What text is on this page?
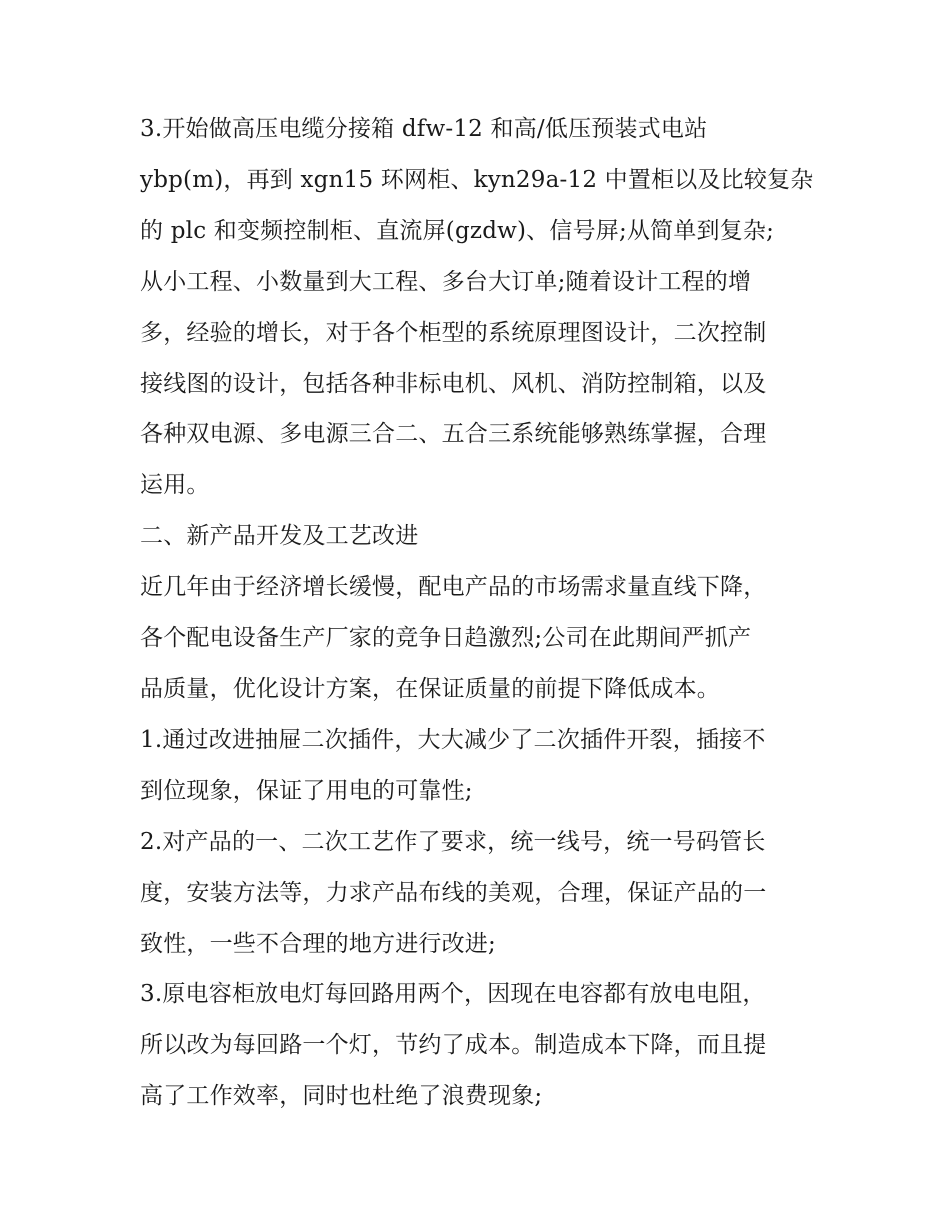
3.开始做高压电缆分接箱 dfw-12 和高/低压预装式电站
ybp(m)，再到 xgn15 环网柜、kyn29a-12 中置柜以及比较复杂
的 plc 和变频控制柜、直流屏(gzdw)、信号屏;从简单到复杂;
从小工程、小数量到大工程、多台大订单;随着设计工程的增
多，经验的增长，对于各个柜型的系统原理图设计，二次控制
接线图的设计，包括各种非标电机、风机、消防控制箱，以及
各种双电源、多电源三合二、五合三系统能够熟练掌握，合理
运用。
二、新产品开发及工艺改进
近几年由于经济增长缓慢，配电产品的市场需求量直线下降，
各个配电设备生产厂家的竞争日趋激烈;公司在此期间严抓产
品质量，优化设计方案，在保证质量的前提下降低成本。
1.通过改进抽屉二次插件，大大减少了二次插件开裂，插接不
到位现象，保证了用电的可靠性;
2.对产品的一、二次工艺作了要求，统一线号，统一号码管长
度，安装方法等，力求产品布线的美观，合理，保证产品的一
致性，一些不合理的地方进行改进;
3.原电容柜放电灯每回路用两个，因现在电容都有放电电阻，
所以改为每回路一个灯，节约了成本。制造成本下降，而且提
高了工作效率，同时也杜绝了浪费现象;
